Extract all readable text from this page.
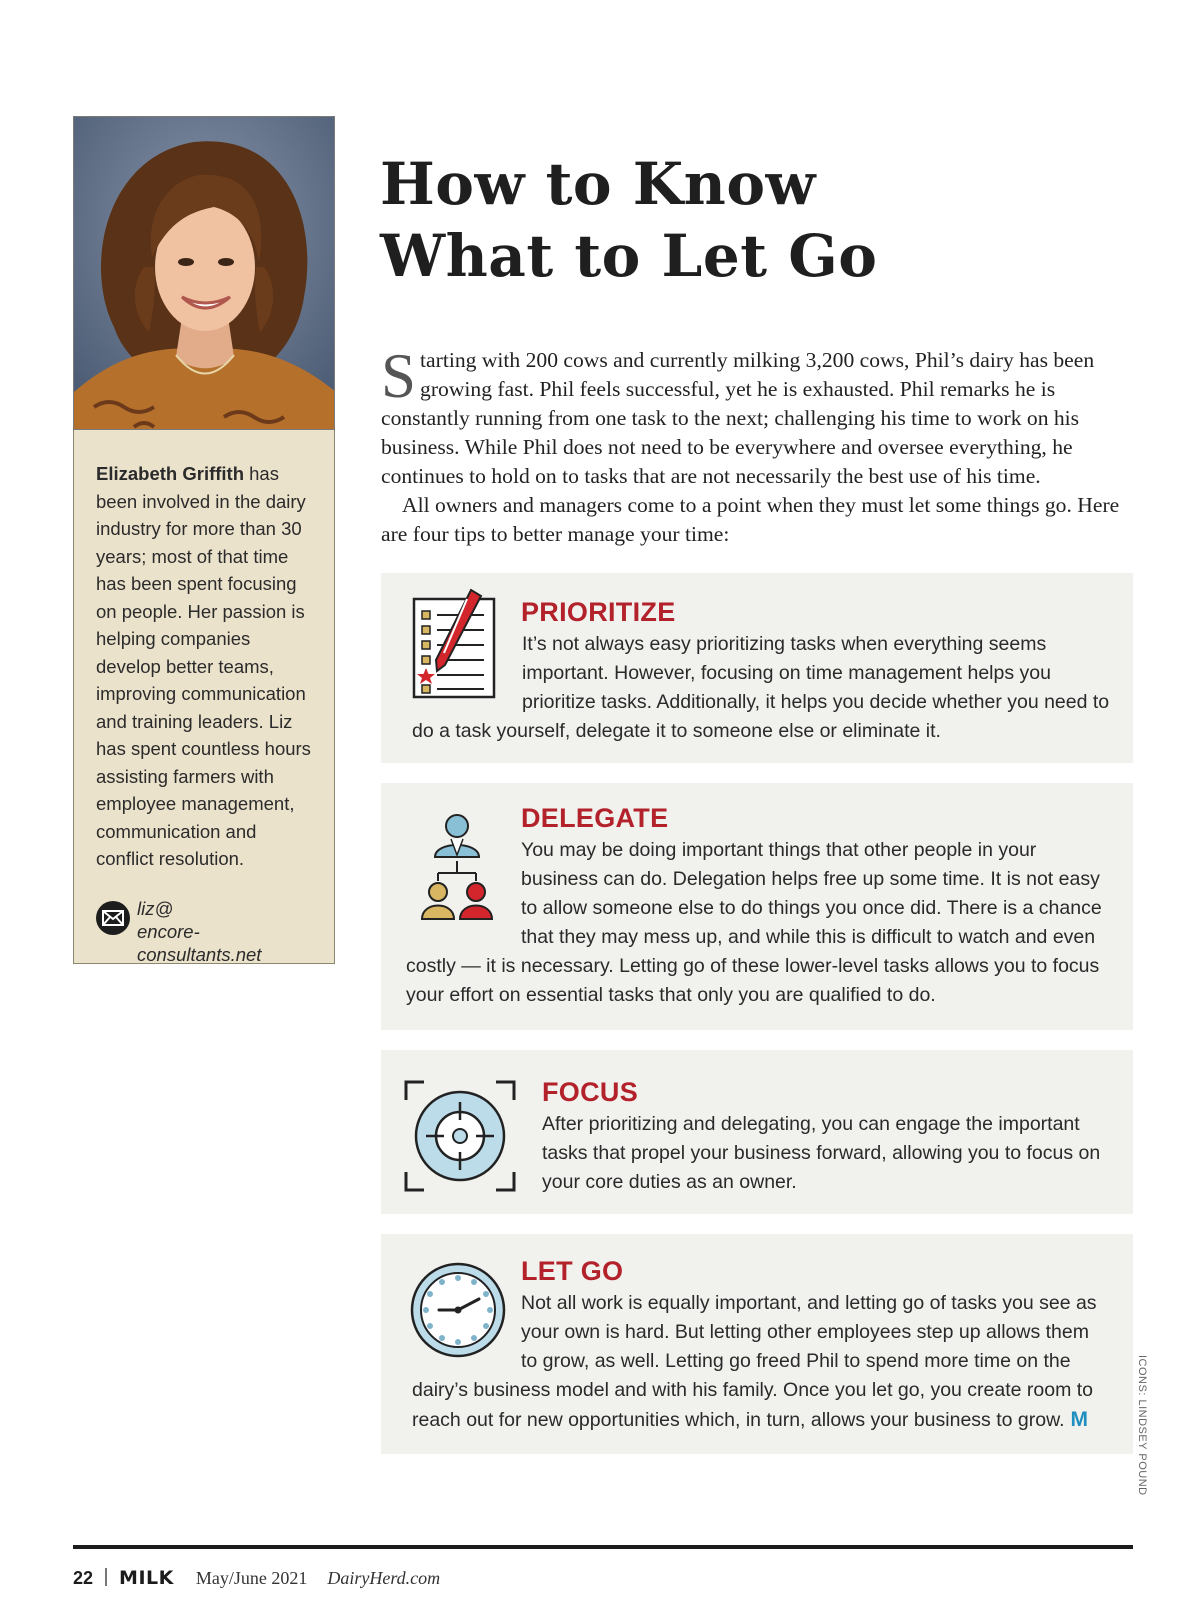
Elizabeth Griffith has been involved in the dairy industry for more than 30 years; most of that time has been spent focusing on people. Her passion is helping companies develop better teams, improving communication and training leaders. Liz has spent countless hours assisting farmers with employee management, communication and conflict resolution.

liz@
encore-consultants.net
How to Know
What to Let Go

Starting with 200 cows and currently milking 3,200 cows, Phil’s dairy has been growing fast. Phil feels successful, yet he is exhausted. Phil remarks he is constantly running from one task to the next; challenging his time to work on his business. While Phil does not need to be everywhere and oversee everything, he continues to hold on to tasks that are not necessarily the best use of his time.

All owners and managers come to a point when they must let some things go. Here are four tips to better manage your time:

PRIORITIZE
It’s not always easy prioritizing tasks when everything seems important. However, focusing on time management helps you prioritize tasks. Additionally, it helps you decide whether you need to do a task yourself, delegate it to someone else or eliminate it.
DELEGATE
You may be doing important things that other people in your business can do. Delegation helps free up some time. It is not easy to allow someone else to do things you once did. There is a chance that they may mess up, and while this is difficult to watch and even costly — it is necessary. Letting go of these lower-level tasks allows you to focus your effort on essential tasks that only you are qualified to do.
FOCUS
After prioritizing and delegating, you can engage the important tasks that propel your business forward, allowing you to focus on your core duties as an owner.
LET GO
Not all work is equally important, and letting go of tasks you see as your own is hard. But letting other employees step up allows them to grow, as well. Letting go freed Phil to spend more time on the dairy’s business model and with his family. Once you let go, you create room to reach out for new opportunities which, in turn, allows your business to grow. M	ICONS: LINDSEY POUND
22 MILK May/June 2021 DairyHerd.com
